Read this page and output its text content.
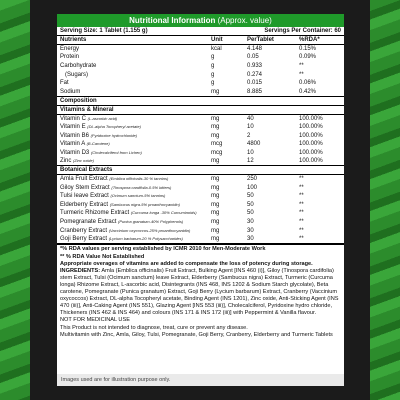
Nutritional Information (Approx. value)
Serving Size: 1 Tablet (1.155 g)		Servings Per Container: 60	
Nutrients	Unit	PerTablet	%RDA*
Energy	kcal	4.148	0.15%
Protein	g	0.05	0.09%
Carbohydrate	g	0.933	**
(Sugars)	g	0.274	**
Fat	g	0.015	0.06%
Sodium	mg	8.885	0.42%
Composition			
Vitamins & Mineral			
Vitamin C (L-ascorbic acid)	mg	40	100.00%
Vitamin E (DL-alpha Tocopheryl acetate)	mg	10	100.00%
Vitamin B6 (Pyridoxine hydrochloride)	mg	2	100.00%
Vitamin A (B-Carotene)	mcg	4800	100.00%
Vitamin D3 (Cholecalciferol from Lichen)	mcg	10	100.00%
Zinc (Zinc oxide)	mg	12	100.00%
Botanical Extracts			
Amla Fruit Extract (Emblica officinalis-30 % tannins)	mg	250	**
Giloy Stem Extract (Tinospora cardifolia-0.5% bitters)	mg	100	**
Tulsi leave Extract (Ocimum sanctum-5% tannins)	mg	50	**
Elderberry Extract (Sambucus nigra-5% proanthocyanidin)	mg	50	**
Turmeric Rhizome Extract (Curcuma longa -30% Curcuminoids)	mg	50	**
Pomegranate Extract (Punica granatum-40% Polyphenols)	mg	30	**
Cranberry Extract (Vaccinium oxycoccos-25% proanthocyanidin)	mg	30	**
Goji Berry Extract (Lycium barbarum-20 % Polysaccharides)	mg	30	**

*% RDA values per serving established by ICMR 2010 for Men-Moderate Work

** % RDA Value Not Established

Appropriate overages of vitamins are added to compensate the loss of potency during storage.

INGREDIENTS: Amla (Emblica officinalis) Fruit Extract, Bulking Agent [INS 460 (i)], Giloy (Tinospora cardifolia) stem Extract, Tulsi (Ocimum sanctum) leave Extract, Elderberry (Sambucus nigra) Extract, Turmeric (Curcuma longa) Rhizome Extract, L-ascorbic acid, Disintegrants (INS 468, INS 1202 & Sodium Starch glycolate), Beta carotene, Pomegranate (Punica granatum) Extract, Goji Berry (Lycium barbarum) Extract, Cranberry (Vaccinium oxycoccos) Extract, DL-alpha Tocopheryl acetate, Binding Agent (INS 1201), Zinc oxide, Anti-Sticking Agent (INS 470 (iii)], Anti-Caking Agent (INS 551), Glazing Agent [INS 553 (iii)], Cholecalciferol, Pyridoxine hydro chloride, Thickeners (INS 462 & INS 464) and colours (INS 171 & INS 172 (iii)] with Peppermint & Vanilla flavour.

NOT FOR MEDICINAL USE

This Product is not intended to diagnose, treat, cure or prevent any disease.

Multivitamin with Zinc, Amla, Giloy, Tulsi, Pomegranate, Goji Berry, Cranberry, Elderberry and Turmeric Tablets

Images used are for illustration purpose only.
